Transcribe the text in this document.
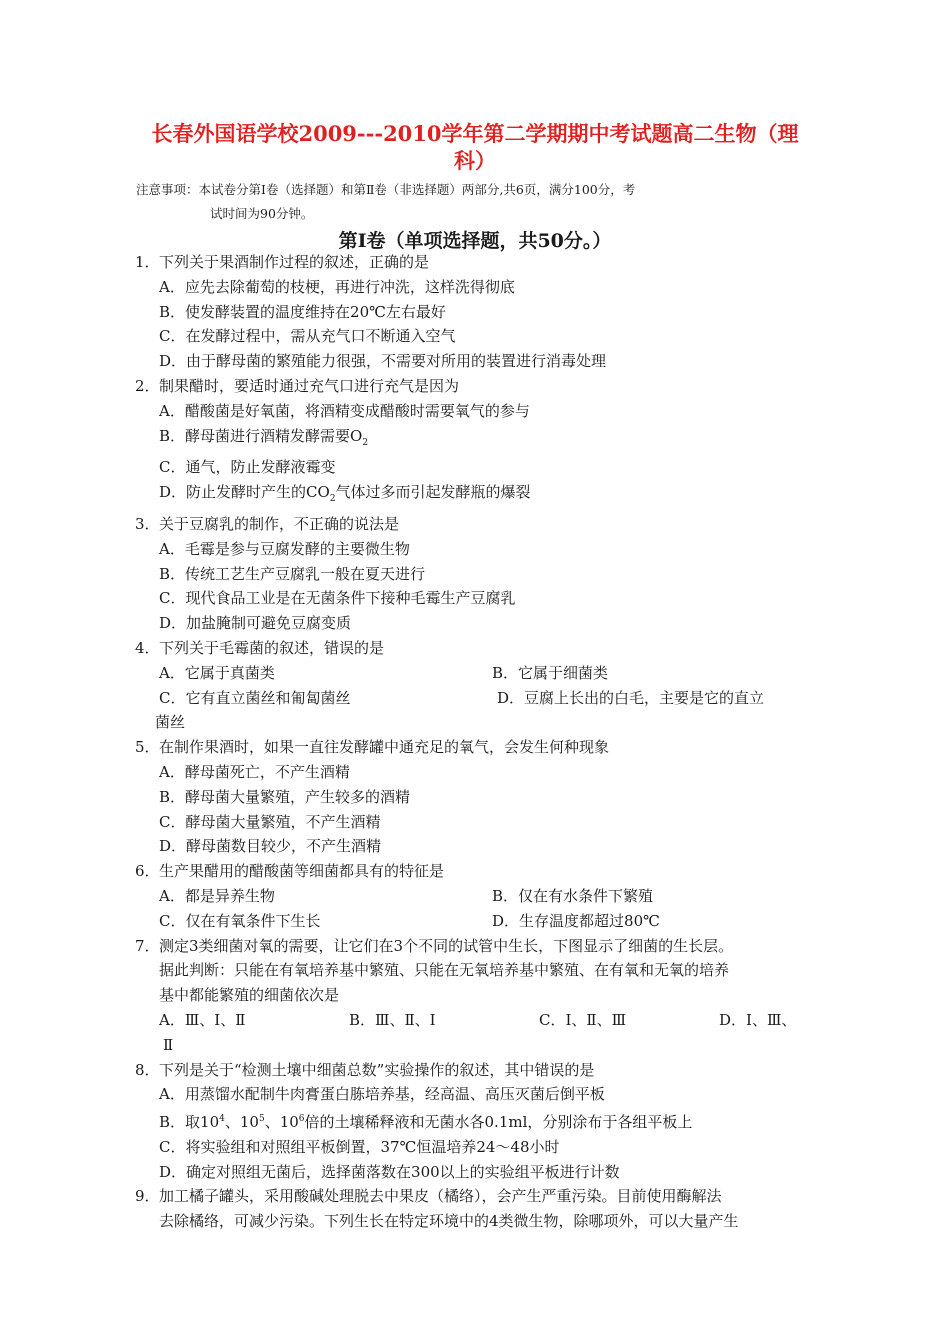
长春外国语学校2009---2010学年第二学期期中考试题高二生物（理
科）
注意事项：本试卷分第Ⅰ卷（选择题）和第Ⅱ卷（非选择题）两部分,共6页，满分100分，考
试时间为90分钟。
第Ⅰ卷（单项选择题，共50分。）
1．下列关于果酒制作过程的叙述，正确的是
A．应先去除葡萄的枝梗，再进行冲洗，这样洗得彻底
B．使发酵装置的温度维持在20℃左右最好
C．在发酵过程中，需从充气口不断通入空气
D．由于酵母菌的繁殖能力很强，不需要对所用的装置进行消毒处理
2．制果醋时，要适时通过充气口进行充气是因为
A．醋酸菌是好氧菌，将酒精变成醋酸时需要氧气的参与
B．酵母菌进行酒精发酵需要$O_2$
C．通气，防止发酵液霉变
D．防止发酵时产生的$CO_2$气体过多而引起发酵瓶的爆裂
3．关于豆腐乳的制作，不正确的说法是
A．毛霉是参与豆腐发酵的主要微生物
B．传统工艺生产豆腐乳一般在夏天进行
C．现代食品工业是在无菌条件下接种毛霉生产豆腐乳
D．加盐腌制可避免豆腐变质
4．下列关于毛霉菌的叙述，错误的是
A．它属于真菌类	B．它属于细菌类
C．它有直立菌丝和匍匐菌丝	D．豆腐上长出的白毛，主要是它的直立
菌丝
5．在制作果酒时，如果一直往发酵罐中通充足的氧气，会发生何种现象
A．酵母菌死亡，不产生酒精
B．酵母菌大量繁殖，产生较多的酒精
C．酵母菌大量繁殖，不产生酒精
D．酵母菌数目较少，不产生酒精
6．生产果醋用的醋酸菌等细菌都具有的特征是
A．都是异养生物	B．仅在有水条件下繁殖
C．仅在有氧条件下生长	D．生存温度都超过80℃
7．测定3类细菌对氧的需要，让它们在3个不同的试管中生长，下图显示了细菌的生长层。
据此判断：只能在有氧培养基中繁殖、只能在无氧培养基中繁殖、在有氧和无氧的培养
基中都能繁殖的细菌依次是
A．Ⅲ、Ⅰ、Ⅱ	B．Ⅲ、Ⅱ、Ⅰ	C．Ⅰ、Ⅱ、Ⅲ	D．Ⅰ、Ⅲ、
Ⅱ
8．下列是关于“检测土壤中细菌总数”实验操作的叙述，其中错误的是
A．用蒸馏水配制牛肉膏蛋白胨培养基，经高温、高压灭菌后倒平板
B．取$10^4$、$10^5$、$10^6$倍的土壤稀释液和无菌水各0.1ml，分别涂布于各组平板上
C．将实验组和对照组平板倒置，37℃恒温培养24～48小时
D．确定对照组无菌后，选择菌落数在300以上的实验组平板进行计数
9．加工橘子罐头，采用酸碱处理脱去中果皮（橘络），会产生严重污染。目前使用酶解法
去除橘络，可减少污染。下列生长在特定环境中的4类微生物，除哪项外，可以大量产生
